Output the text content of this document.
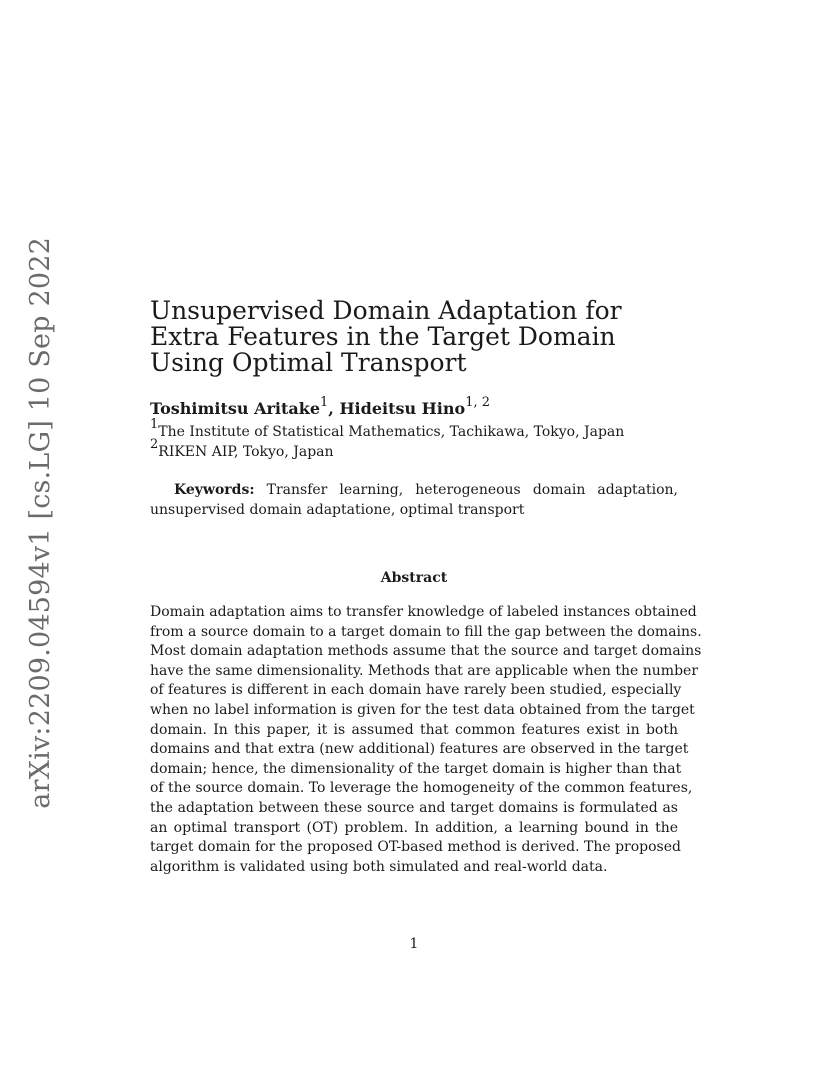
arXiv:2209.04594v1 [cs.LG] 10 Sep 2022	Unsupervised Domain Adaptation for
Extra Features in the Target Domain
Using Optimal Transport
Toshimitsu Aritake$^1$, Hideitsu Hino$^{1, 2}$
$^1$The Institute of Statistical Mathematics, Tachikawa, Tokyo, Japan
$^2$RIKEN AIP, Tokyo, Japan
Keywords: Transfer learning, heterogeneous domain adaptation, unsupervised domain adaptatione, optimal transport
Abstract
Domain adaptation aims to transfer knowledge of labeled instances obtained
from a source domain to a target domain to fill the gap between the domains.
Most domain adaptation methods assume that the source and target domains
have the same dimensionality. Methods that are applicable when the number
of features is different in each domain have rarely been studied, especially
when no label information is given for the test data obtained from the target
domain. In this paper, it is assumed that common features exist in both
domains and that extra (new additional) features are observed in the target
domain; hence, the dimensionality of the target domain is higher than that
of the source domain. To leverage the homogeneity of the common features,
the adaptation between these source and target domains is formulated as
an optimal transport (OT) problem. In addition, a learning bound in the
target domain for the proposed OT-based method is derived. The proposed
algorithm is validated using both simulated and real-world data.
1
